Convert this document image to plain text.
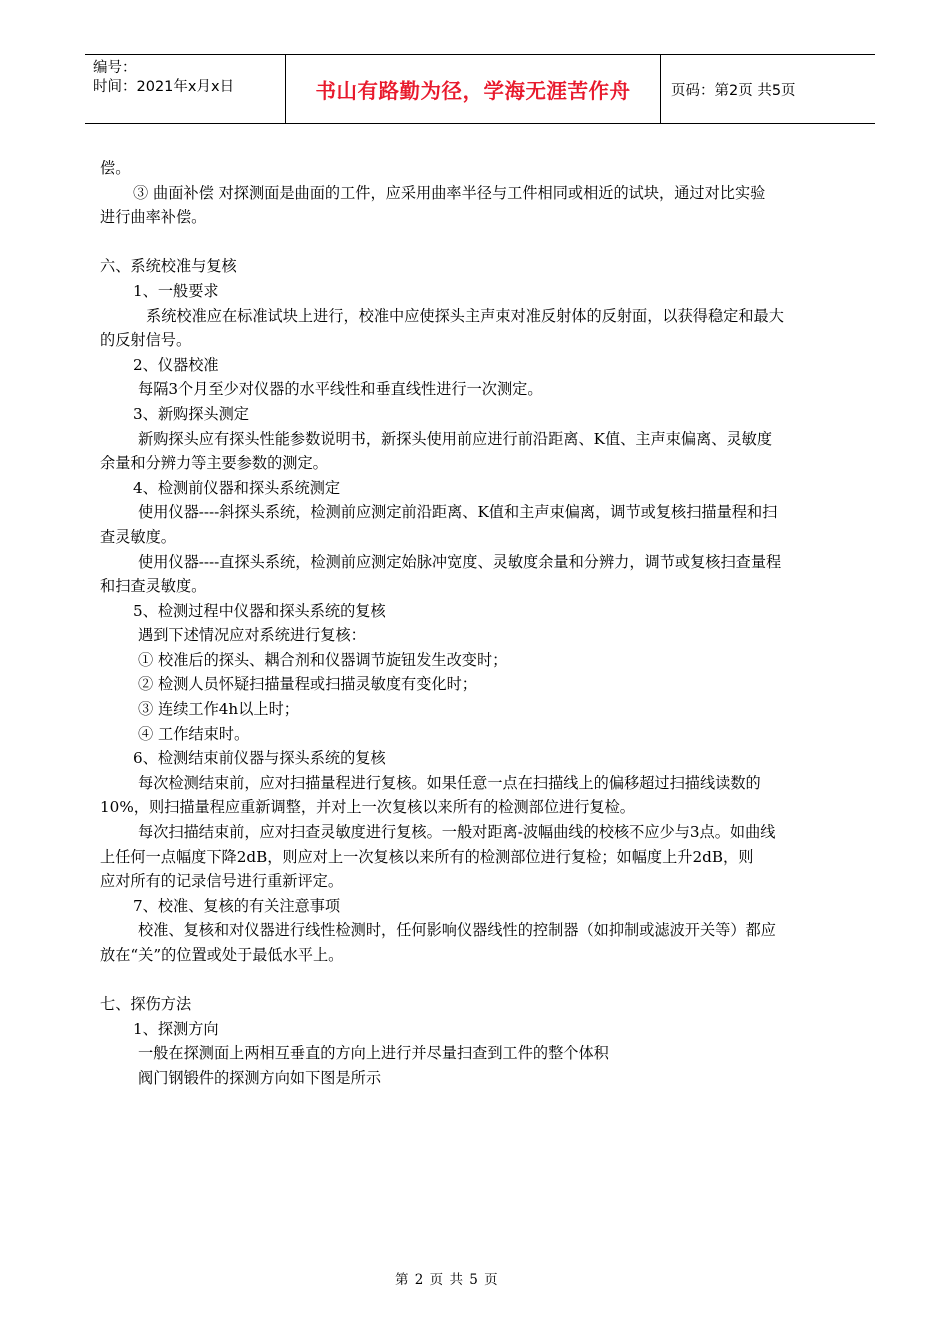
编号：
时间：2021年x月x日	书山有路勤为径，学海无涯苦作舟	页码：第2页 共5页
偿。
③ 曲面补偿 对探测面是曲面的工件，应采用曲率半径与工件相同或相近的试块，通过对比实验
进行曲率补偿。
六、系统校准与复核
1、一般要求
系统校准应在标准试块上进行，校准中应使探头主声束对准反射体的反射面，以获得稳定和最大
的反射信号。
2、仪器校准
每隔3个月至少对仪器的水平线性和垂直线性进行一次测定。
3、新购探头测定
新购探头应有探头性能参数说明书，新探头使用前应进行前沿距离、K值、主声束偏离、灵敏度
余量和分辨力等主要参数的测定。
4、检测前仪器和探头系统测定
使用仪器----斜探头系统，检测前应测定前沿距离、K值和主声束偏离，调节或复核扫描量程和扫
查灵敏度。
使用仪器----直探头系统，检测前应测定始脉冲宽度、灵敏度余量和分辨力，调节或复核扫查量程
和扫查灵敏度。
5、检测过程中仪器和探头系统的复核
遇到下述情况应对系统进行复核：
① 校准后的探头、耦合剂和仪器调节旋钮发生改变时；
② 检测人员怀疑扫描量程或扫描灵敏度有变化时；
③ 连续工作4h以上时；
④ 工作结束时。
6、检测结束前仪器与探头系统的复核
每次检测结束前，应对扫描量程进行复核。如果任意一点在扫描线上的偏移超过扫描线读数的
10%，则扫描量程应重新调整，并对上一次复核以来所有的检测部位进行复检。
每次扫描结束前，应对扫查灵敏度进行复核。一般对距离-波幅曲线的校核不应少与3点。如曲线
上任何一点幅度下降2dB，则应对上一次复核以来所有的检测部位进行复检；如幅度上升2dB，则
应对所有的记录信号进行重新评定。
7、校准、复核的有关注意事项
校准、复核和对仪器进行线性检测时，任何影响仪器线性的控制器（如抑制或滤波开关等）都应
放在“关”的位置或处于最低水平上。
七、探伤方法
1、探测方向
一般在探测面上两相互垂直的方向上进行并尽量扫查到工件的整个体积
阀门钢锻件的探测方向如下图是所示
第 2 页 共 5 页
